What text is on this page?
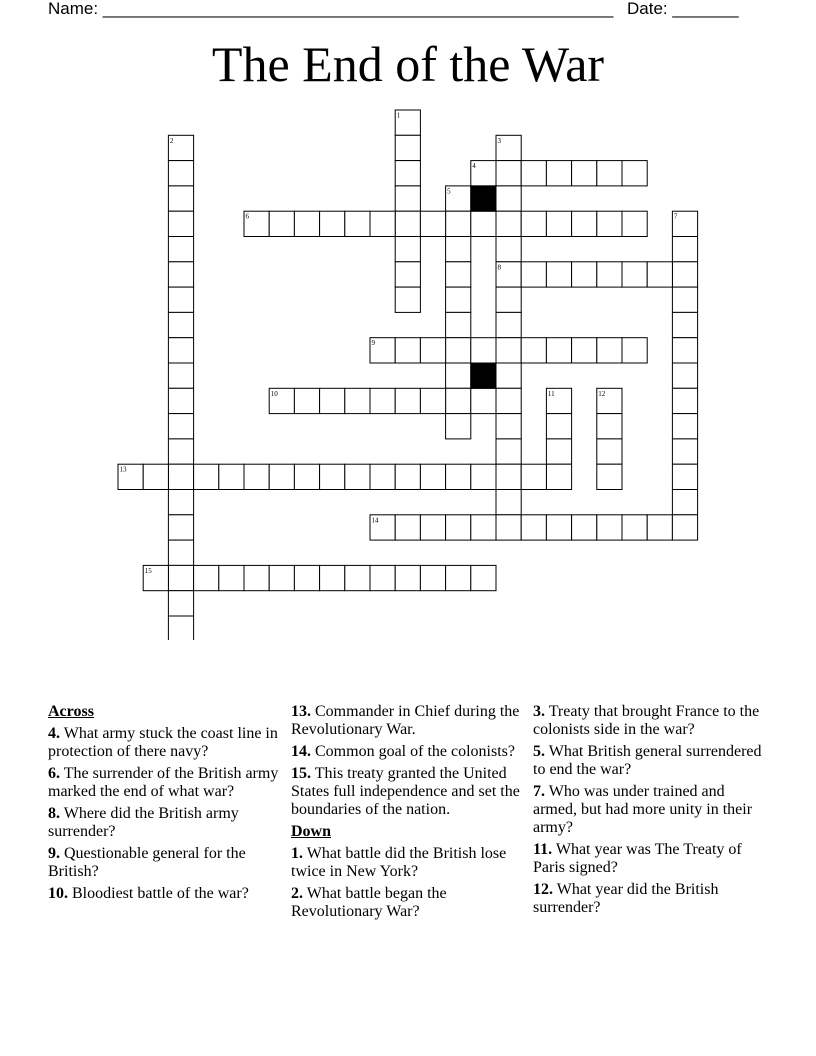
Name: ______________________________________________________ Date: _______
The End of the War
1
2	3
4
5
6	7
8
9
10	11	12
13
14
15
Across
4. What army stuck the coast line in protection of there navy?
6. The surrender of the British army marked the end of what war?
8. Where did the British army surrender?
9. Questionable general for the British?
10. Bloodiest battle of the war?
13. Commander in Chief during the Revolutionary War.
14. Common goal of the colonists?
15. This treaty granted the United States full independence and set the boundaries of the nation.
Down
1. What battle did the British lose twice in New York?
2. What battle began the Revolutionary War?
3. Treaty that brought France to the colonists side in the war?
5. What British general surrendered to end the war?
7. Who was under trained and armed, but had more unity in their army?
11. What year was The Treaty of Paris signed?
12. What year did the British surrender?
